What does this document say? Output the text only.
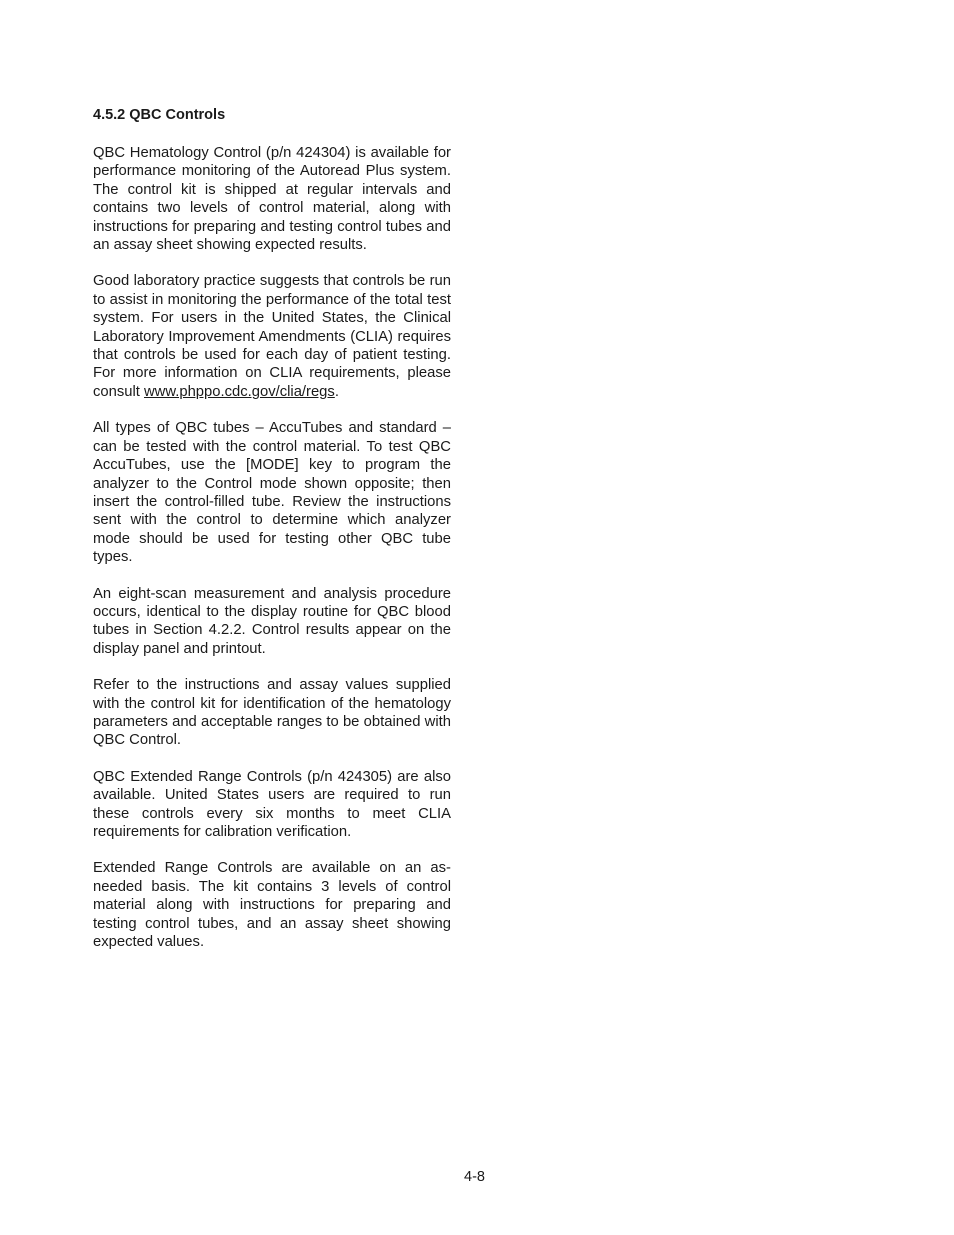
4.5.2 QBC Controls

QBC Hematology Control (p/n 424304) is available for performance monitoring of the Autoread Plus system. The control kit is shipped at regular intervals and contains two levels of control material, along with instructions for preparing and testing control tubes and an assay sheet showing expected results.

Good laboratory practice suggests that controls be run to assist in monitoring the performance of the total test system. For users in the United States, the Clinical Laboratory Improvement Amendments (CLIA) requires that controls be used for each day of patient testing. For more information on CLIA requirements, please consult www.phppo.cdc.gov/clia/regs.

All types of QBC tubes – AccuTubes and standard – can be tested with the control material. To test QBC AccuTubes, use the [MODE] key to program the analyzer to the Control mode shown opposite; then insert the control-filled tube. Review the instructions sent with the control to determine which analyzer mode should be used for testing other QBC tube types.

An eight-scan measurement and analysis procedure occurs, identical to the display routine for QBC blood tubes in Section 4.2.2. Control results appear on the display panel and printout.

Refer to the instructions and assay values supplied with the control kit for identification of the hematology parameters and acceptable ranges to be obtained with QBC Control.

QBC Extended Range Controls (p/n 424305) are also available. United States users are required to run these controls every six months to meet CLIA requirements for calibration verification.

Extended Range Controls are available on an as-needed basis. The kit contains 3 levels of control material along with instructions for preparing and testing control tubes, and an assay sheet showing expected values.

4-8
